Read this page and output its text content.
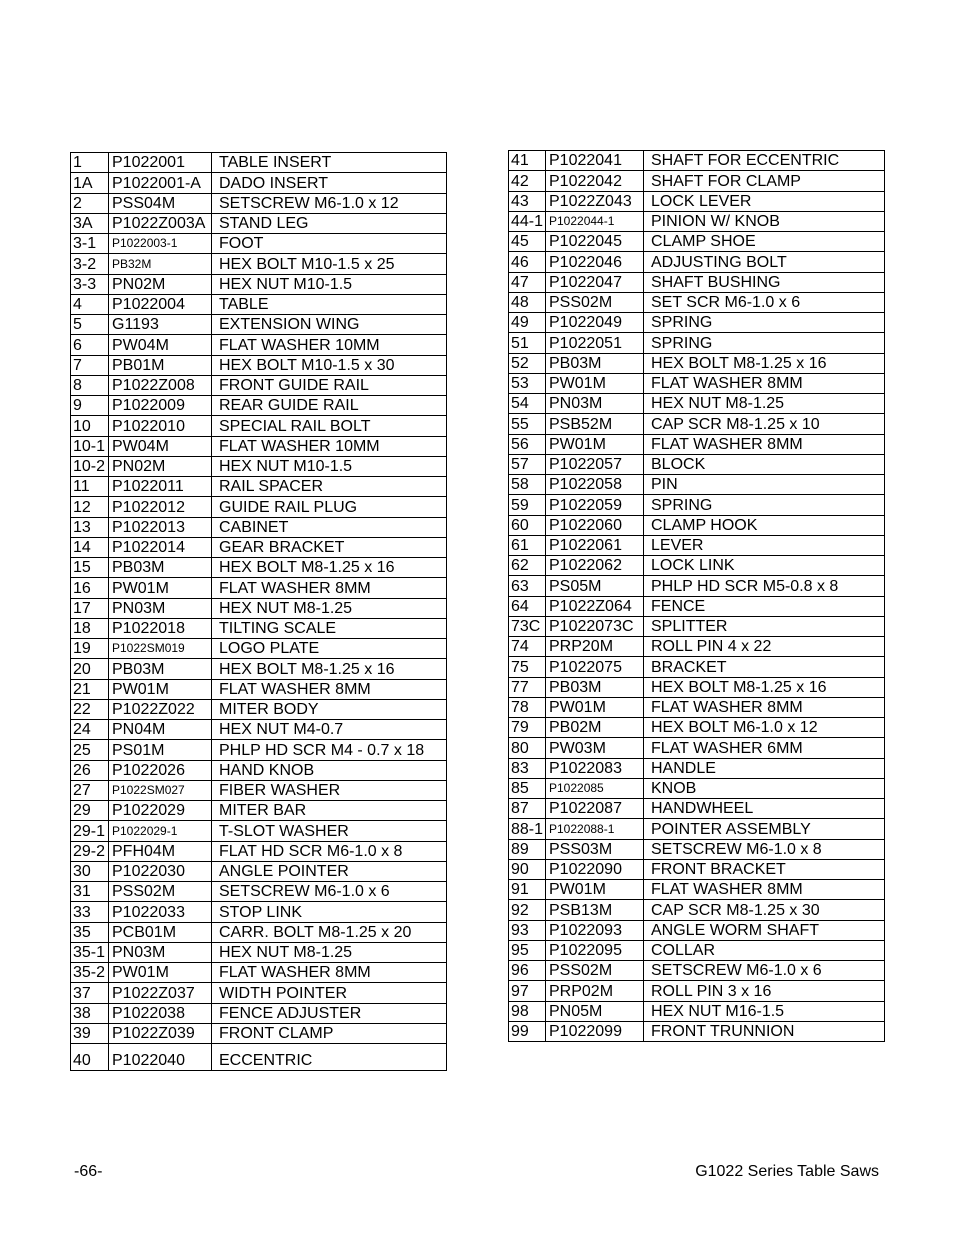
1	P1022001	TABLE INSERT
1A	P1022001-A	DADO INSERT
2	PSS04M	SETSCREW M6-1.0 x 12
3A	P1022Z003A	STAND LEG
3-1	P1022003-1	FOOT
3-2	PB32M	HEX BOLT M10-1.5 x 25
3-3	PN02M	HEX NUT M10-1.5
4	P1022004	TABLE
5	G1193	EXTENSION WING
6	PW04M	FLAT WASHER 10MM
7	PB01M	HEX BOLT M10-1.5 x 30
8	P1022Z008	FRONT GUIDE RAIL
9	P1022009	REAR GUIDE RAIL
10	P1022010	SPECIAL RAIL BOLT
10-1	PW04M	FLAT WASHER 10MM
10-2	PN02M	HEX NUT M10-1.5
11	P1022011	RAIL SPACER
12	P1022012	GUIDE RAIL PLUG
13	P1022013	CABINET
14	P1022014	GEAR BRACKET
15	PB03M	HEX BOLT M8-1.25 x 16
16	PW01M	FLAT WASHER 8MM
17	PN03M	HEX NUT M8-1.25
18	P1022018	TILTING SCALE
19	P1022SM019	LOGO PLATE
20	PB03M	HEX BOLT M8-1.25 x 16
21	PW01M	FLAT WASHER 8MM
22	P1022Z022	MITER BODY
24	PN04M	HEX NUT M4-0.7
25	PS01M	PHLP HD SCR M4 - 0.7 x 18
26	P1022026	HAND KNOB
27	P1022SM027	FIBER WASHER
29	P1022029	MITER BAR
29-1	P1022029-1	T-SLOT WASHER
29-2	PFH04M	FLAT HD SCR M6-1.0 x 8
30	P1022030	ANGLE POINTER
31	PSS02M	SETSCREW M6-1.0 x 6
33	P1022033	STOP LINK
35	PCB01M	CARR. BOLT M8-1.25 x 20
35-1	PN03M	HEX NUT M8-1.25
35-2	PW01M	FLAT WASHER 8MM
37	P1022Z037	WIDTH POINTER
38	P1022038	FENCE ADJUSTER
39	P1022Z039	FRONT CLAMP
40	P1022040	ECCENTRIC
41	P1022041	SHAFT FOR ECCENTRIC
42	P1022042	SHAFT FOR CLAMP
43	P1022Z043	LOCK LEVER
44-1	P1022044-1	PINION W/ KNOB
45	P1022045	CLAMP SHOE
46	P1022046	ADJUSTING BOLT
47	P1022047	SHAFT BUSHING
48	PSS02M	SET SCR M6-1.0 x 6
49	P1022049	SPRING
51	P1022051	SPRING
52	PB03M	HEX BOLT M8-1.25 x 16
53	PW01M	FLAT WASHER 8MM
54	PN03M	HEX NUT M8-1.25
55	PSB52M	CAP SCR M8-1.25 x 10
56	PW01M	FLAT WASHER 8MM
57	P1022057	BLOCK
58	P1022058	PIN
59	P1022059	SPRING
60	P1022060	CLAMP HOOK
61	P1022061	LEVER
62	P1022062	LOCK LINK
63	PS05M	PHLP HD SCR M5-0.8 x 8
64	P1022Z064	FENCE
73C	P1022073C	SPLITTER
74	PRP20M	ROLL PIN 4 x 22
75	P1022075	BRACKET
77	PB03M	HEX BOLT M8-1.25 x 16
78	PW01M	FLAT WASHER 8MM
79	PB02M	HEX BOLT M6-1.0 x 12
80	PW03M	FLAT WASHER 6MM
83	P1022083	HANDLE
85	P1022085	KNOB
87	P1022087	HANDWHEEL
88-1	P1022088-1	POINTER ASSEMBLY
89	PSS03M	SETSCREW M6-1.0 x 8
90	P1022090	FRONT BRACKET
91	PW01M	FLAT WASHER 8MM
92	PSB13M	CAP SCR M8-1.25 x 30
93	P1022093	ANGLE WORM SHAFT
95	P1022095	COLLAR
96	PSS02M	SETSCREW M6-1.0 x 6
97	PRP02M	ROLL PIN 3 x 16
98	PN05M	HEX NUT M16-1.5
99	P1022099	FRONT TRUNNION
-66-	G1022 Series Table Saws
